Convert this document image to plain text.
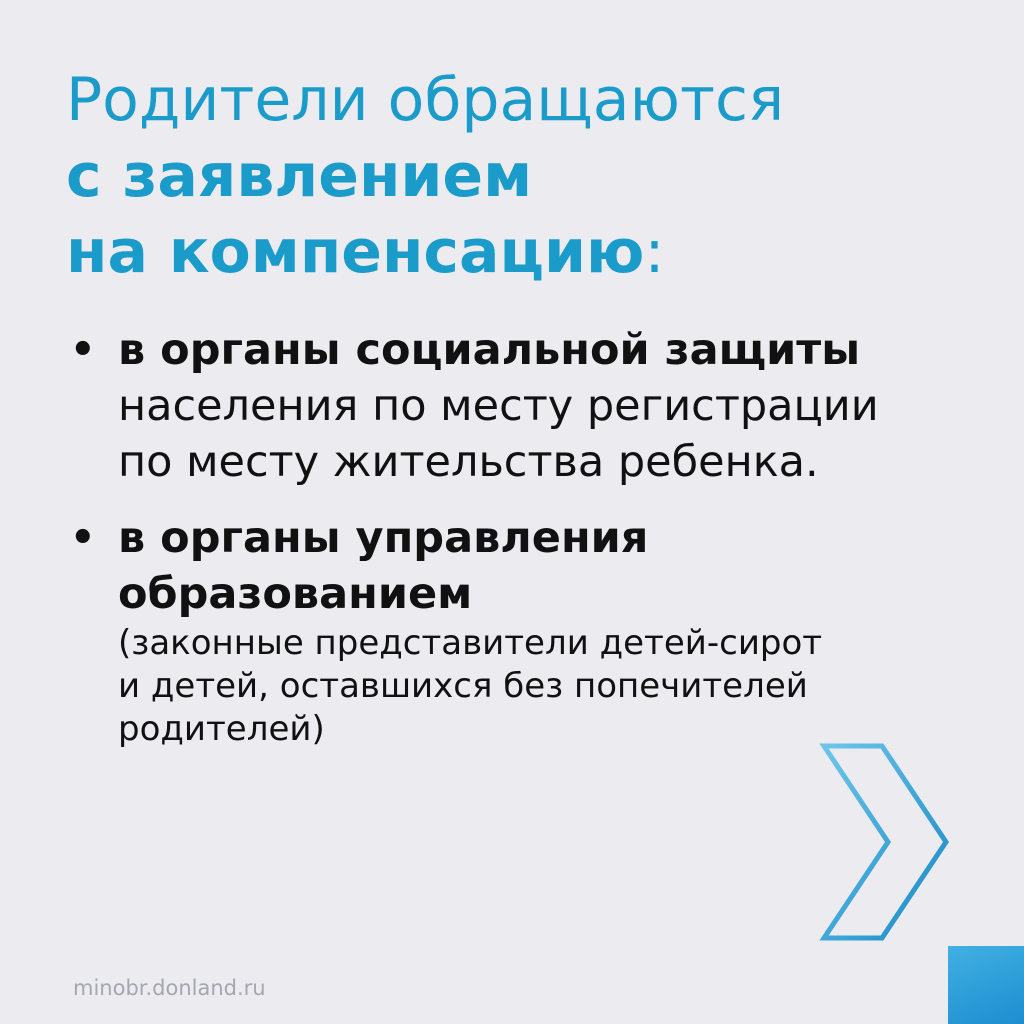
Родители обращаются
с заявлением
на компенсацию:
• в органы социальной защиты
населения по месту регистрации
по месту жительства ребенка.
• в органы управления
образованием
(законные представители детей-сирот
и детей, оставшихся без попечителей
родителей)
minobr.donland.ru
